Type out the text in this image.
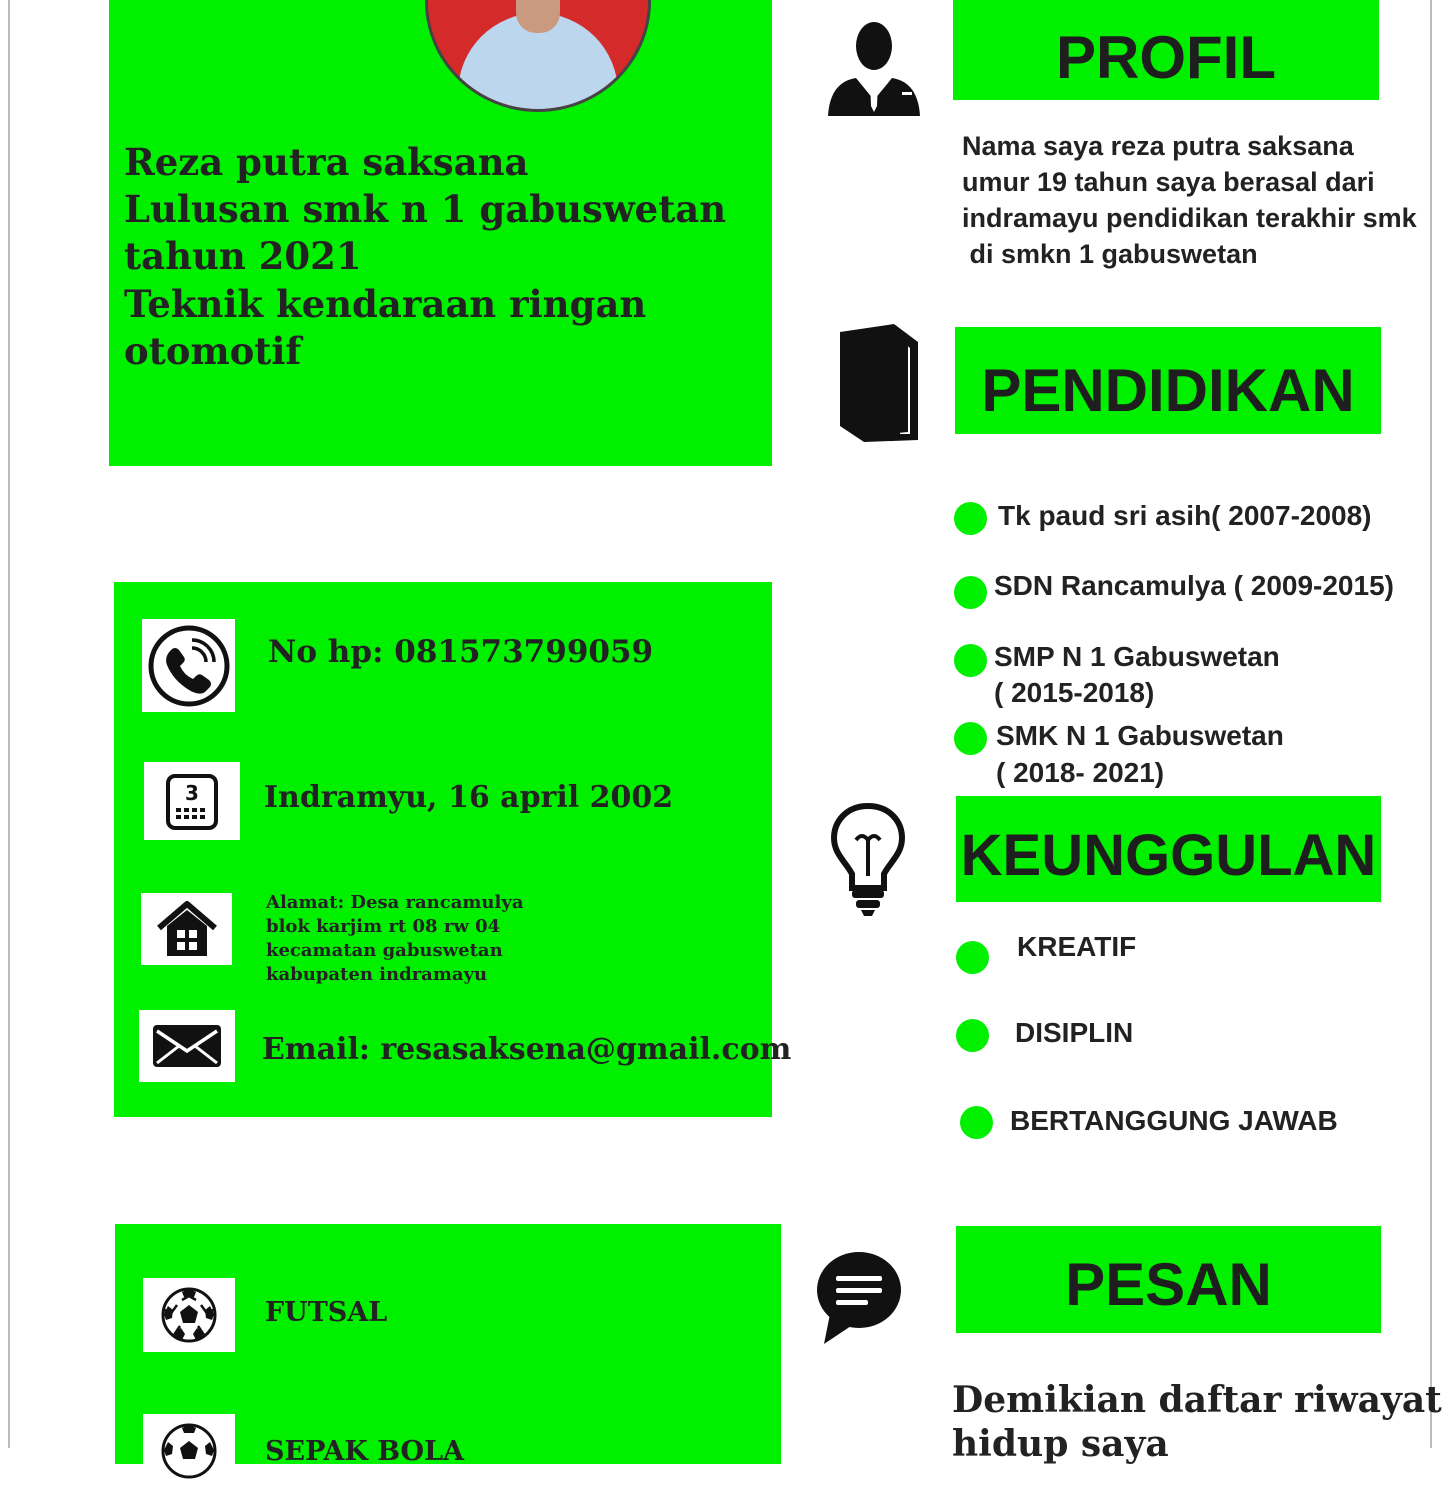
Reza putra saksana
Lulusan smk n 1 gabuswetan
tahun 2021
Teknik kendaraan ringan
otomotif
No hp: 081573799059
3 Indramyu, 16 april 2002
Alamat: Desa rancamulya
blok karjim rt 08 rw 04
kecamatan gabuswetan
kabupaten indramayu
Email: resasaksena@gmail.com
FUTSAL
SEPAK BOLA
PROFIL
Nama saya reza putra saksana
umur 19 tahun saya berasal dari
indramayu pendidikan terakhir smk
di smkn 1 gabuswetan
PENDIDIKAN
Tk paud sri asih( 2007-2008)
SDN Rancamulya ( 2009-2015)
SMP N 1 Gabuswetan
( 2015-2018)
SMK N 1 Gabuswetan
( 2018- 2021)
KEUNGGULAN
KREATIF
DISIPLIN
BERTANGGUNG JAWAB
PESAN
Demikian daftar riwayat
hidup saya
